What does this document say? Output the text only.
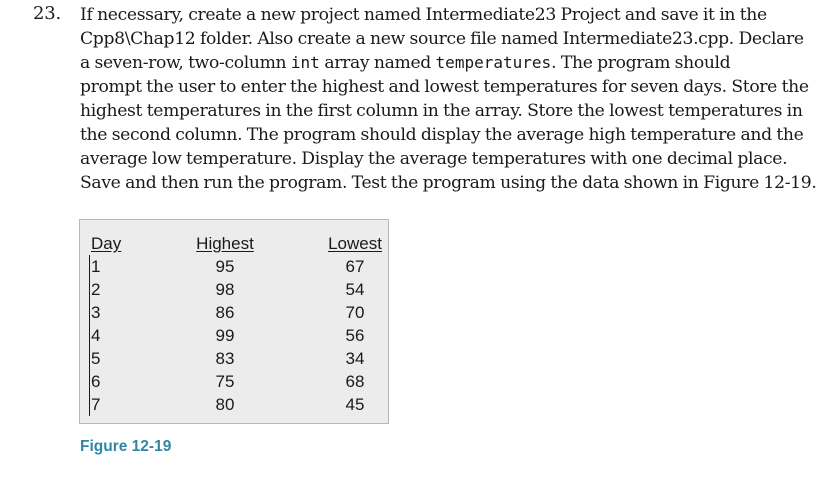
23. If necessary, create a new project named Intermediate23 Project and save it in the
Cpp8\Chap12 folder. Also create a new source file named Intermediate23.cpp. Declare
a seven-row, two-column int array named temperatures. The program should
prompt the user to enter the highest and lowest temperatures for seven days. Store the
highest temperatures in the first column in the array. Store the lowest temperatures in
the second column. The program should display the average high temperature and the
average low temperature. Display the average temperatures with one decimal place.
Save and then run the program. Test the program using the data shown in Figure 12-19.
Day
1
2
3
4
5
6
7
Highest
95
98
86
99
83
75
80
Lowest
67
54
70
56
34
68
45
Figure 12-19
